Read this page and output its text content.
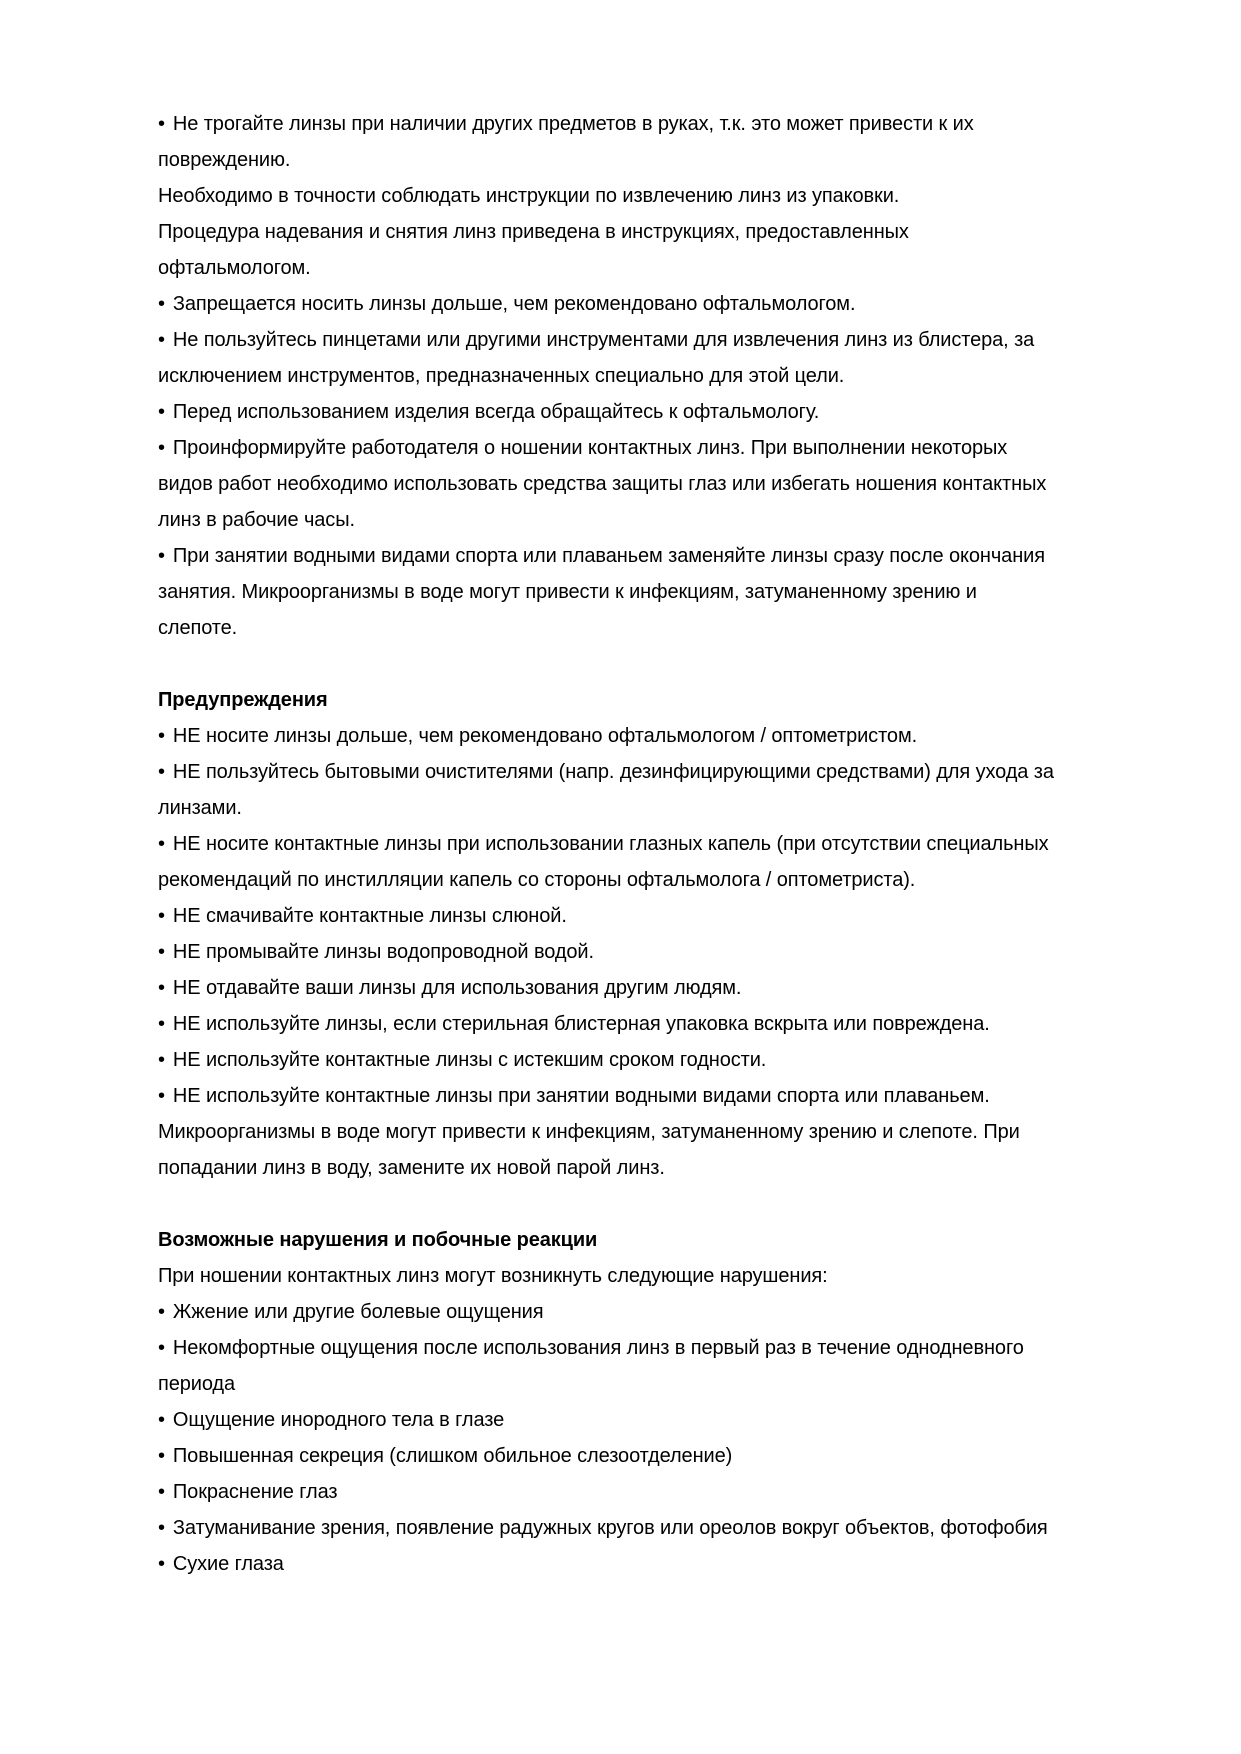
• Не трогайте линзы при наличии других предметов в руках, т.к. это может привести к их повреждению.

Необходимо в точности соблюдать инструкции по извлечению линз из упаковки.

Процедура надевания и снятия линз приведена в инструкциях, предоставленных офтальмологом.

• Запрещается носить линзы дольше, чем рекомендовано офтальмологом.

• Не пользуйтесь пинцетами или другими инструментами для извлечения линз из блистера, за исключением инструментов, предназначенных специально для этой цели.

• Перед использованием изделия всегда обращайтесь к офтальмологу.

• Проинформируйте работодателя о ношении контактных линз. При выполнении некоторых видов работ необходимо использовать средства защиты глаз или избегать ношения контактных линз в рабочие часы.

• При занятии водными видами спорта или плаваньем заменяйте линзы сразу после окончания занятия. Микроорганизмы в воде могут привести к инфекциям, затуманенному зрению и слепоте.

Предупреждения

• НЕ носите линзы дольше, чем рекомендовано офтальмологом / оптометристом.

• НЕ пользуйтесь бытовыми очистителями (напр. дезинфицирующими средствами) для ухода за линзами.

• НЕ носите контактные линзы при использовании глазных капель (при отсутствии специальных рекомендаций по инстилляции капель со стороны офтальмолога / оптометриста).

• НЕ смачивайте контактные линзы слюной.

• НЕ промывайте линзы водопроводной водой.

• НЕ отдавайте ваши линзы для использования другим людям.

• НЕ используйте линзы, если стерильная блистерная упаковка вскрыта или повреждена.

• НЕ используйте контактные линзы с истекшим сроком годности.

• НЕ используйте контактные линзы при занятии водными видами спорта или плаваньем. Микроорганизмы в воде могут привести к инфекциям, затуманенному зрению и слепоте. При попадании линз в воду, замените их новой парой линз.

Возможные нарушения и побочные реакции

При ношении контактных линз могут возникнуть следующие нарушения:

• Жжение или другие болевые ощущения

• Некомфортные ощущения после использования линз в первый раз в течение однодневного периода

• Ощущение инородного тела в глазе

• Повышенная секреция (слишком обильное слезоотделение)

• Покраснение глаз

• Затуманивание зрения, появление радужных кругов или ореолов вокруг объектов, фотофобия

• Сухие глаза
